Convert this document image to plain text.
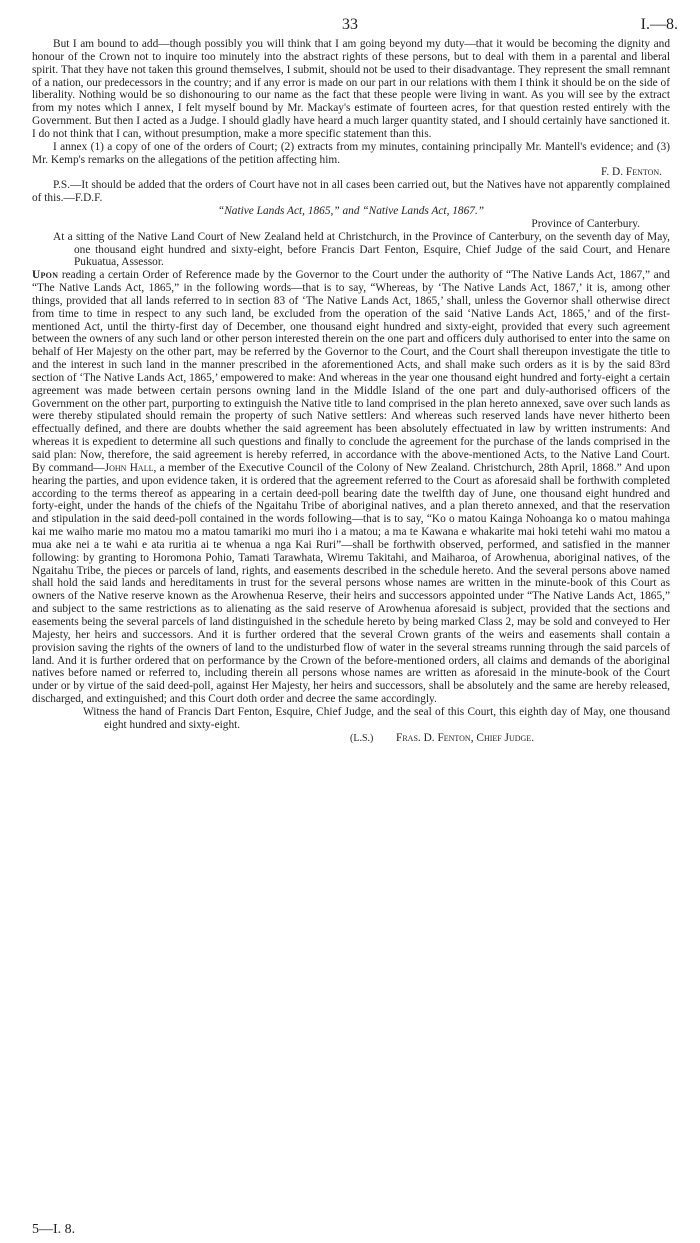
33	I.—8.

But I am bound to add—though possibly you will think that I am going beyond my duty—that it would be becoming the dignity and honour of the Crown not to inquire too minutely into the abstract rights of these persons, but to deal with them in a parental and liberal spirit. That they have not taken this ground themselves, I submit, should not be used to their disadvantage. They represent the small remnant of a nation, our predecessors in the country; and if any error is made on our part in our relations with them I think it should be on the side of liberality. Nothing would be so dishonouring to our name as the fact that these people were living in want. As you will see by the extract from my notes which I annex, I felt myself bound by Mr. Mackay's estimate of fourteen acres, for that question rested entirely with the Government. But then I acted as a Judge. I should gladly have heard a much larger quantity stated, and I should certainly have sanctioned it. I do not think that I can, without presumption, make a more specific statement than this.

I annex (1) a copy of one of the orders of Court; (2) extracts from my minutes, containing principally Mr. Mantell's evidence; and (3) Mr. Kemp's remarks on the allegations of the petition affecting him.

F. D. Fenton.

P.S.—It should be added that the orders of Court have not in all cases been carried out, but the Natives have not apparently complained of this.—F.D.F.

“Native Lands Act, 1865,” and “Native Lands Act, 1867.”

Province of Canterbury.

At a sitting of the Native Land Court of New Zealand held at Christchurch, in the Province of Canterbury, on the seventh day of May, one thousand eight hundred and sixty-eight, before Francis Dart Fenton, Esquire, Chief Judge of the said Court, and Henare Pukuatua, Assessor.

Upon reading a certain Order of Reference made by the Governor to the Court under the authority of “The Native Lands Act, 1867,” and “The Native Lands Act, 1865,” in the following words—that is to say, “Whereas, by ‘The Native Lands Act, 1867,’ it is, among other things, provided that all lands referred to in section 83 of ‘The Native Lands Act, 1865,’ shall, unless the Governor shall otherwise direct from time to time in respect to any such land, be excluded from the operation of the said ‘Native Lands Act, 1865,’ and of the first-mentioned Act, until the thirty-first day of December, one thousand eight hundred and sixty-eight, provided that every such agreement between the owners of any such land or other person interested therein on the one part and officers duly authorised to enter into the same on behalf of Her Majesty on the other part, may be referred by the Governor to the Court, and the Court shall thereupon investigate the title to and the interest in such land in the manner prescribed in the aforementioned Acts, and shall make such orders as it is by the said 83rd section of ‘The Native Lands Act, 1865,’ empowered to make: And whereas in the year one thousand eight hundred and forty-eight a certain agreement was made between certain persons owning land in the Middle Island of the one part and duly-authorised officers of the Government on the other part, purporting to extinguish the Native title to land comprised in the plan hereto annexed, save over such lands as were thereby stipulated should remain the property of such Native settlers: And whereas such reserved lands have never hitherto been effectually defined, and there are doubts whether the said agreement has been absolutely effectuated in law by written instruments: And whereas it is expedient to determine all such questions and finally to conclude the agreement for the purchase of the lands comprised in the said plan: Now, therefore, the said agreement is hereby referred, in accordance with the above-mentioned Acts, to the Native Land Court. By command—John Hall, a member of the Executive Council of the Colony of New Zealand. Christchurch, 28th April, 1868.” And upon hearing the parties, and upon evidence taken, it is ordered that the agreement referred to the Court as aforesaid shall be forthwith completed according to the terms thereof as appearing in a certain deed-poll bearing date the twelfth day of June, one thousand eight hundred and forty-eight, under the hands of the chiefs of the Ngaitahu Tribe of aboriginal natives, and a plan thereto annexed, and that the reservation and stipulation in the said deed-poll contained in the words following—that is to say, “Ko o matou Kainga Nohoanga ko o matou mahinga kai me waiho marie mo matou mo a matou tamariki mo muri iho i a matou; a ma te Kawana e whakarite mai hoki tetehi wahi mo matou a mua ake nei a te wahi e ata ruritia ai te whenua a nga Kai Ruri”—shall be forthwith observed, performed, and satisfied in the manner following: by granting to Horomona Pohio, Tamati Tarawhata, Wiremu Takitahi, and Maiharoa, of Arowhenua, aboriginal natives, of the Ngaitahu Tribe, the pieces or parcels of land, rights, and easements described in the schedule hereto. And the several persons above named shall hold the said lands and hereditaments in trust for the several persons whose names are written in the minute-book of this Court as owners of the Native reserve known as the Arowhenua Reserve, their heirs and successors appointed under “The Native Lands Act, 1865,” and subject to the same restrictions as to alienating as the said reserve of Arowhenua aforesaid is subject, provided that the sections and easements being the several parcels of land distinguished in the schedule hereto by being marked Class 2, may be sold and conveyed to Her Majesty, her heirs and successors. And it is further ordered that the several Crown grants of the weirs and easements shall contain a provision saving the rights of the owners of land to the undisturbed flow of water in the several streams running through the said parcels of land. And it is further ordered that on performance by the Crown of the before-mentioned orders, all claims and demands of the aboriginal natives before named or referred to, including therein all persons whose names are written as aforesaid in the minute-book of the Court under or by virtue of the said deed-poll, against Her Majesty, her heirs and successors, shall be absolutely and the same are hereby released, discharged, and extinguished; and this Court doth order and decree the same accordingly.

Witness the hand of Francis Dart Fenton, Esquire, Chief Judge, and the seal of this Court, this eighth day of May, one thousand eight hundred and sixty-eight.

(L.S.) Fras. D. Fenton, Chief Judge.

5—I. 8.
